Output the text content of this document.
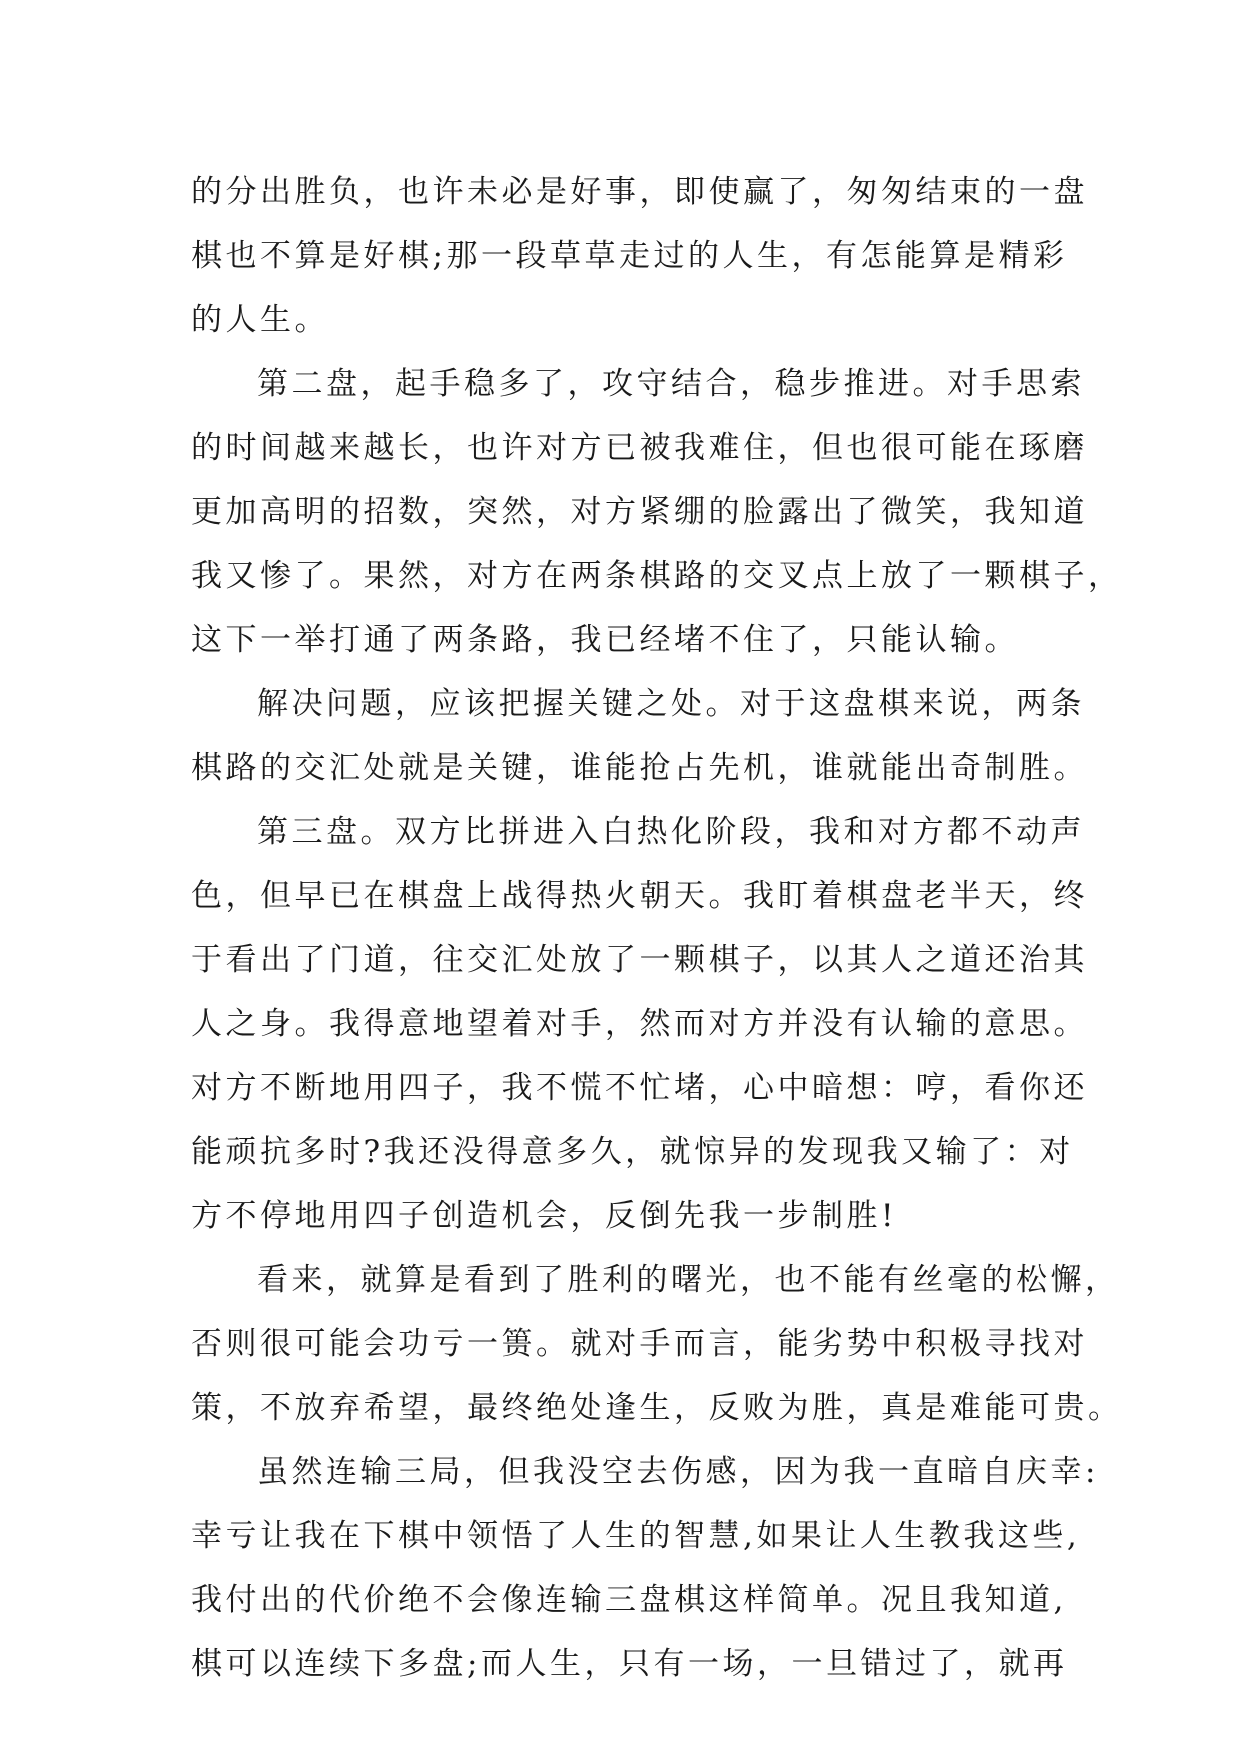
的分出胜负，也许未必是好事，即使赢了，匆匆结束的一盘
棋也不算是好棋;那一段草草走过的人生，有怎能算是精彩
的人生。
第二盘，起手稳多了，攻守结合，稳步推进。对手思索
的时间越来越长，也许对方已被我难住，但也很可能在琢磨
更加高明的招数，突然，对方紧绷的脸露出了微笑，我知道
我又惨了。果然，对方在两条棋路的交叉点上放了一颗棋子，
这下一举打通了两条路，我已经堵不住了，只能认输。
解决问题，应该把握关键之处。对于这盘棋来说，两条
棋路的交汇处就是关键，谁能抢占先机，谁就能出奇制胜。
第三盘。双方比拼进入白热化阶段，我和对方都不动声
色，但早已在棋盘上战得热火朝天。我盯着棋盘老半天，终
于看出了门道，往交汇处放了一颗棋子，以其人之道还治其
人之身。我得意地望着对手，然而对方并没有认输的意思。
对方不断地用四子，我不慌不忙堵，心中暗想：哼，看你还
能顽抗多时?我还没得意多久，就惊异的发现我又输了：对
方不停地用四子创造机会，反倒先我一步制胜!
看来，就算是看到了胜利的曙光，也不能有丝毫的松懈，
否则很可能会功亏一篑。就对手而言，能劣势中积极寻找对
策，不放弃希望，最终绝处逢生，反败为胜，真是难能可贵。
虽然连输三局，但我没空去伤感，因为我一直暗自庆幸:
幸亏让我在下棋中领悟了人生的智慧,如果让人生教我这些,
我付出的代价绝不会像连输三盘棋这样简单。况且我知道,
棋可以连续下多盘;而人生，只有一场，一旦错过了，就再
